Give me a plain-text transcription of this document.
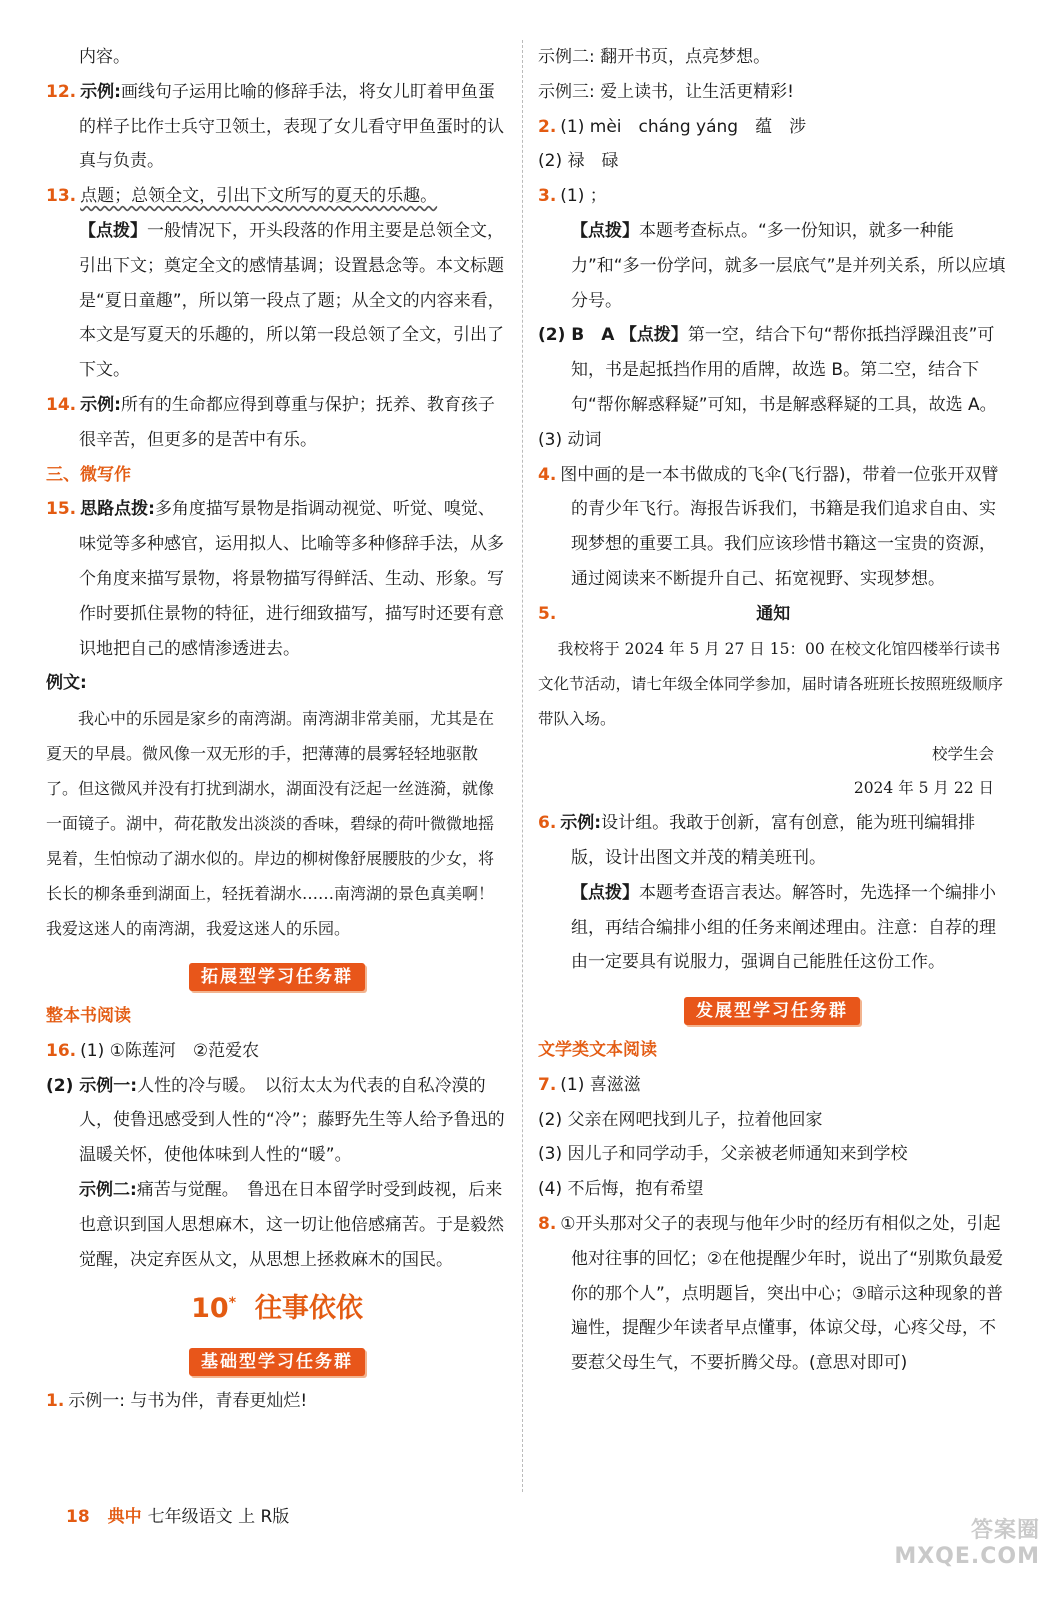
内容。

12. 示例:画线句子运用比喻的修辞手法，将女儿盯着甲鱼蛋的样子比作士兵守卫领土，表现了女儿看守甲鱼蛋时的认真与负责。

13. 点题；总领全文，引出下文所写的夏天的乐趣。

【点拨】一般情况下，开头段落的作用主要是总领全文，引出下文；奠定全文的感情基调；设置悬念等。本文标题是“夏日童趣”，所以第一段点了题；从全文的内容来看，本文是写夏天的乐趣的，所以第一段总领了全文，引出了下文。

14. 示例:所有的生命都应得到尊重与保护；抚养、教育孩子很辛苦，但更多的是苦中有乐。

三、微写作

15. 思路点拨:多角度描写景物是指调动视觉、听觉、嗅觉、味觉等多种感官，运用拟人、比喻等多种修辞手法，从多个角度来描写景物，将景物描写得鲜活、生动、形象。写作时要抓住景物的特征，进行细致描写，描写时还要有意识地把自己的感情渗透进去。

例文:

我心中的乐园是家乡的南湾湖。南湾湖非常美丽，尤其是在夏天的早晨。微风像一双无形的手，把薄薄的晨雾轻轻地驱散了。但这微风并没有打扰到湖水，湖面没有泛起一丝涟漪，就像一面镜子。湖中，荷花散发出淡淡的香味，碧绿的荷叶微微地摇晃着，生怕惊动了湖水似的。岸边的柳树像舒展腰肢的少女，将长长的柳条垂到湖面上，轻抚着湖水……南湾湖的景色真美啊！我爱这迷人的南湾湖，我爱这迷人的乐园。

拓展型学习任务群

整本书阅读

16. (1) ①陈莲河　②范爱农

(2) 示例一:人性的冷与暖。　以衍太太为代表的自私冷漠的人，使鲁迅感受到人性的“冷”；藤野先生等人给予鲁迅的温暖关怀，使他体味到人性的“暖”。

示例二:痛苦与觉醒。　鲁迅在日本留学时受到歧视，后来也意识到国人思想麻木，这一切让他倍感痛苦。于是毅然觉醒，决定弃医从文，从思想上拯救麻木的国民。

10* 往事依依
基础型学习任务群

1. 示例一: 与书为伴，青春更灿烂!

示例二: 翻开书页，点亮梦想。

示例三: 爱上读书，让生活更精彩!

2. (1) mèi　cháng yáng　蕴　涉

(2) 禄　碌

3. (1) ；

【点拨】本题考查标点。“多一份知识，就多一种能力”和“多一份学问，就多一层底气”是并列关系，所以应填分号。

(2) B　A 【点拨】第一空，结合下句“帮你抵挡浮躁沮丧”可知，书是起抵挡作用的盾牌，故选 B。第二空，结合下句“帮你解惑释疑”可知，书是解惑释疑的工具，故选 A。

(3) 动词

4. 图中画的是一本书做成的飞伞(飞行器)，带着一位张开双臂的青少年飞行。海报告诉我们，书籍是我们追求自由、实现梦想的重要工具。我们应该珍惜书籍这一宝贵的资源，通过阅读来不断提升自己、拓宽视野、实现梦想。

5.	通知

我校将于 2024 年 5 月 27 日 15：00 在校文化馆四楼举行读书文化节活动，请七年级全体同学参加，届时请各班班长按照班级顺序带队入场。

校学生会

2024 年 5 月 22 日

6. 示例:设计组。我敢于创新，富有创意，能为班刊编辑排版，设计出图文并茂的精美班刊。

【点拨】本题考查语言表达。解答时，先选择一个编排小组，再结合编排小组的任务来阐述理由。注意：自荐的理由一定要具有说服力，强调自己能胜任这份工作。

发展型学习任务群

文学类文本阅读

7. (1) 喜滋滋

(2) 父亲在网吧找到儿子，拉着他回家

(3) 因儿子和同学动手，父亲被老师通知来到学校

(4) 不后悔，抱有希望

8. ①开头那对父子的表现与他年少时的经历有相似之处，引起他对往事的回忆；②在他提醒少年时，说出了“别欺负最爱你的那个人”，点明题旨，突出中心；③暗示这种现象的普遍性，提醒少年读者早点懂事，体谅父母，心疼父母，不要惹父母生气，不要折腾父母。(意思对即可)

18 典中 七年级语文 上 R版
答案圈 MXQE.COM
